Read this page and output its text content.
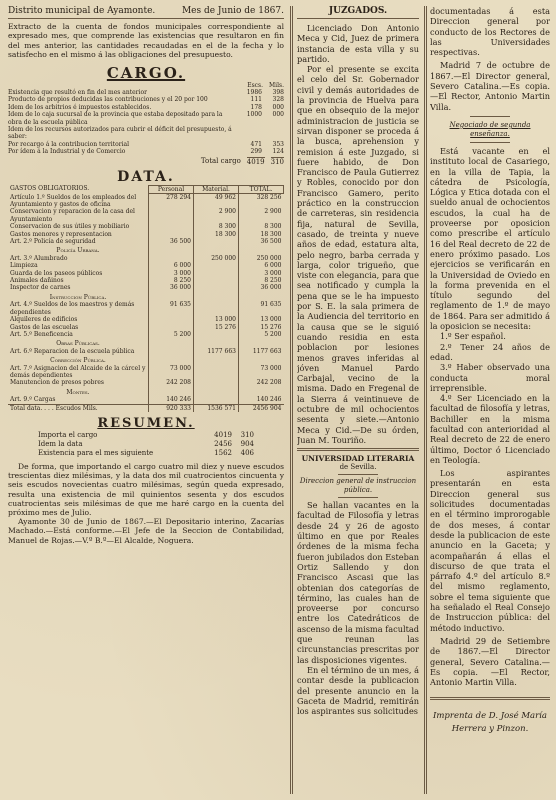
Distrito municipal de Ayamonte.	Mes de Junio de 1867.
Extracto de la cuenta de fondos municipales correspondiente al expresado mes, que comprende las existencias que resultaron en fin del mes anterior, las cantidades recaudadas en el de la fecha y lo satisfecho en el mismo á las obligaciones del presupuesto.
CARGO.
Escs. Mils.
Existencia que resultó en fin del mes anterior	1986	398
Producto de propios deducidas las contribuciones y el 20 por 100	111	328
Idem de los arbitrios é impuestos establecidos.	178	000
Idem de lo caja sucursal de la provincia que estaba depositado para la obra de la escuela pública
1000	000
Idem de los recursos autorizados para cubrir el déficit del presupuesto, á saber:
Por recargo á la contribucion territorial	471	353
Por ídem á la Industrial y de Comercio	299	124
Total cargo 4019 310
DATA.
GASTOS OBLIGATORIOS.	Personal	Material.	TOTAL.
Artículo 1.º Sueldos de los empleados del Ayuntamiento y gastos de oficina	278 294	49 962	328 256
Conservacion y reparacion de la casa del Ayuntamiento		2 900	2 900
Conservacion de sus útiles y mobiliario		8 300	8 300
Gastos menores y representacion		18 300	18 300
Art. 2.º Policía de seguridad	36 500		36 500
Policía Urbana.			
Art. 3.º Alumbrado		250 000	250 000
Limpieza	6 000		6 000
Guarda de los paseos públicos	3 000		3 000
Animales dañinos	8 250		8 250
Inspector de carnes	36 000		36 000
Instruccion Pública.			
Art. 4.º Sueldos de los maestros y demás dependientes	91 635		91 635
Alquileres de edificios		13 000	13 000
Gastos de las escuelas		15 276	15 276
Art. 5.º Beneficencia	5 200		5 200
Obras Públicas.			
Art. 6.º Reparacion de la escuela pública		1177 663	1177 663
Corrección Pública.			
Art. 7.º Asignacion del Alcaide de la cárcel y demás dependientes	73 000		73 000
Manutencion de presos pobres	242 208		242 208
Montes.			
Art. 9.º Cargas	140 246		140 246
Total data. . . . Escudos Mils.	920 333	1536 571	2456 904
RESUMEN.
Importa el cargo	4019	310
Idem la data	2456	904
Existencia para el mes siguiente	1562	406
De forma, que importando el cargo cuatro mil diez y nueve escudos trescientas diez milésimas, y la data dos mil cuatrocientos cincuenta y seis escudos novecientas cuatro milésimas, según queda expresado, resulta una existencia de mil quinientos sesenta y dos escudos cuatrocientas seis milésimas de que me haré cargo en la cuenta del próximo mes de Julio.
Ayamonte 30 de Junio de 1867.—El Depositario interino, Zacarías Machado.—Está conforme.—El Jefe de la Seccion de Contabilidad, Manuel de Rojas.—V.º B.º—El Alcalde, Noguera.
JUZGADOS.
Licenciado Don Antonio Meca y Cid, Juez de primera instancia de esta villa y su partido.
Por el presente se excita el celo del Sr. Gobernador civil y demás autoridades de la provincia de Huelva para que en obsequio de la mejor administracion de justicia se sirvan disponer se proceda á la busca, aprehension y remision á este Juzgado, si fuere habido, de Don Francisco de Paula Gutierrez y Robles, conocido por don Francisco Gamero, perito práctico en la construccion de carreteras, sin residencia fija, natural de Sevilla, casado, de treinta y nueve años de edad, estatura alta, pelo negro, barba cerrada y larga, color trigueño, que viste con elegancia, para que sea notificado y cumpla la pena que se le ha impuesto por S. E. la sala primera de la Audiencia del territorio en la causa que se le siguió cuando residia en esta poblacion por lesiones menos graves inferidas al jóven Manuel Pardo Carbajal, vecino de la misma. Dado en Fregenal de la Sierra á veintinueve de octubre de mil ochocientos sesenta y siete.—Antonio Meca y Cid.—De su órden, Juan M. Touriño.
UNIVERSIDAD LITERARIA
de Sevilla.
Direccion general de instruccion pública.
Se hallan vacantes en la facultad de Filosofía y letras desde 24 y 26 de agosto último en que por Reales órdenes de la misma fecha fueron jubilados don Esteban Ortiz Sallendo y don Francisco Ascasi que las obtenian dos categorías de término, las cuales han de proveerse por concurso entre los Catedráticos de ascenso de la misma facultad que reunan las circunstancias prescritas por las disposiciones vigentes.
En el término de un mes, á contar desde la publicacion del presente anuncio en la Gaceta de Madrid, remitirán los aspirantes sus solicitudes
documentadas á esta Direccion general por conducto de los Rectores de las Universidades respectivas.
Madrid 7 de octubre de 1867.—El Director general, Severo Catalina.—Es copia. —El Rector, Antonio Martin Villa.
Negociado de segunda enseñanza.
Está vacante en el instituto local de Casariego, en la villa de Tapia, la cátedra de Psicología, Lógica y Etica dotada con el sueldo anual de ochocientos escudos, la cual ha de proveerse por oposicion como prescribe el artículo 16 del Real decreto de 22 de enero próximo pasado. Los ejercicios se verificarán en la Universidad de Oviedo en la forma prevenida en el título segundo del reglamento de 1.º de mayo de 1864. Para ser admitido á la oposicion se necesita:
1.º Ser español.
2.º Tener 24 años de edad.
3.º Haber observado una conducta moral irreprensible.
4.º Ser Licenciado en la facultad de filosofía y letras, Bachiller en la misma facultad con anterioridad al Real decreto de 22 de enero último, Doctor ó Licenciado en Teología.
Los aspirantes presentarán en esta Direccion general sus solicitudes documentadas en el término improrogable de dos meses, á contar desde la publicacion de este anuncio en la Gaceta; y acompañarán á ellas el discurso de que trata el párrafo 4.º del artículo 8.º del mismo reglamento, sobre el tema siguiente que ha señalado el Real Consejo de Instruccion pública: del método inductivo.
Madrid 29 de Setiembre de 1867.—El Director general, Severo Catalina.—Es copia. —El Rector, Antonio Martin Villa.
Imprenta de D. José María Herrera y Pinzon.
